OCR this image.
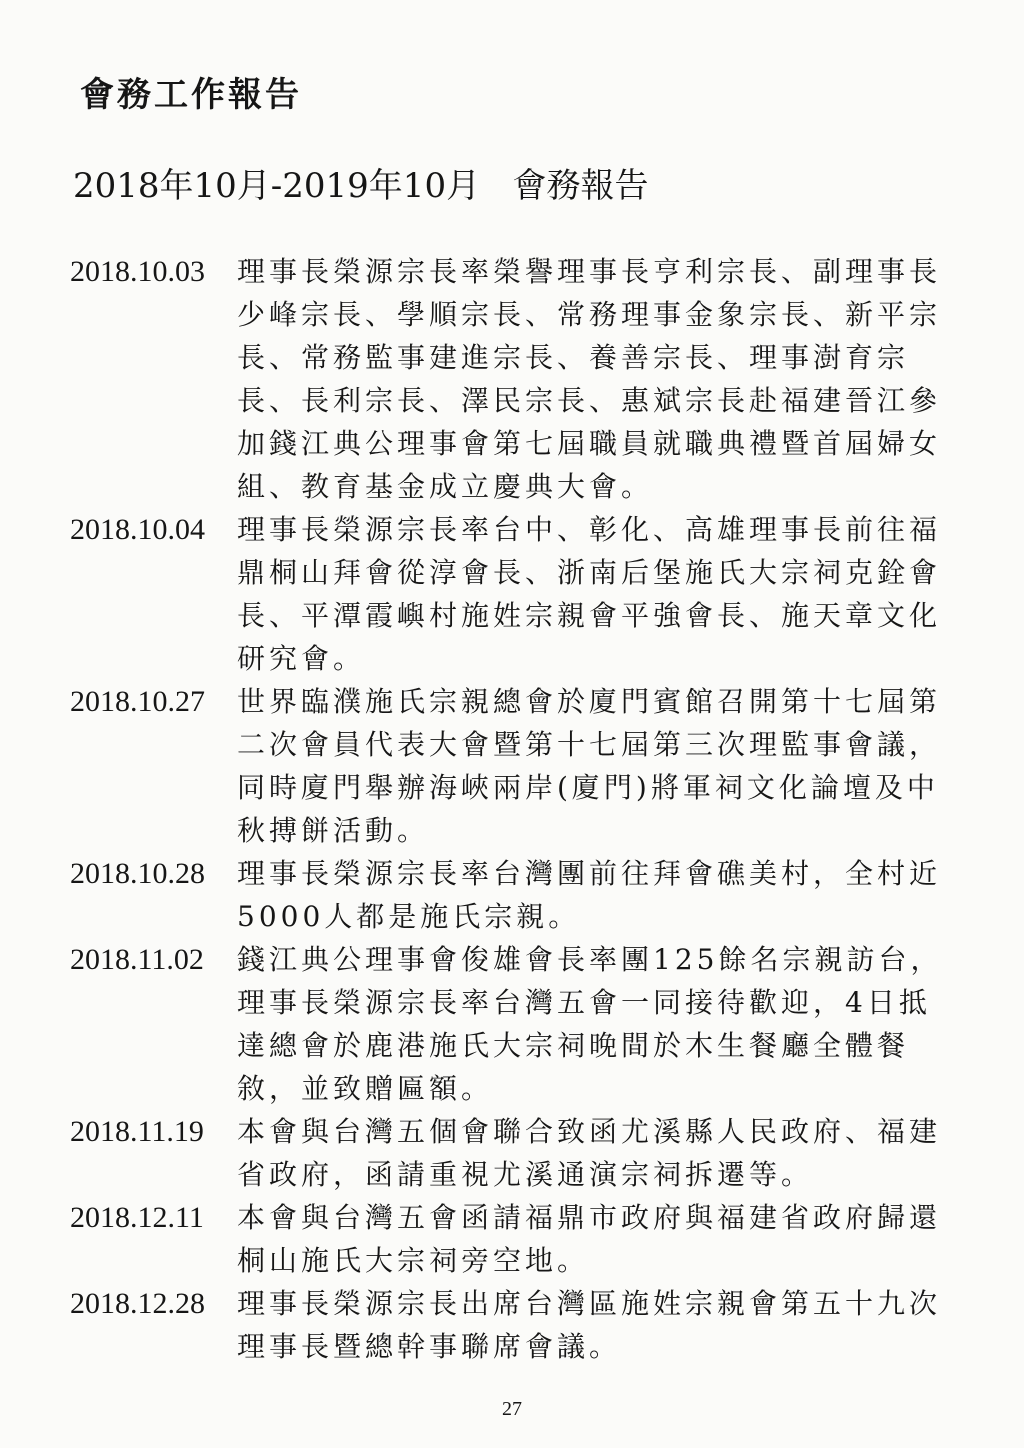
會務工作報告
2018年10月-2019年10月 會務報告
2018.10.03	理事長榮源宗長率榮譽理事長亨利宗長、副理事長少峰宗長、學順宗長、常務理事金象宗長、新平宗長、常務監事建進宗長、養善宗長、理事澍育宗長、長利宗長、澤民宗長、惠斌宗長赴福建晉江參加錢江典公理事會第七屆職員就職典禮暨首屆婦女組、教育基金成立慶典大會。
2018.10.04	理事長榮源宗長率台中、彰化、高雄理事長前往福鼎桐山拜會從淳會長、浙南后堡施氏大宗祠克銓會長、平潭霞嶼村施姓宗親會平強會長、施天章文化研究會。
2018.10.27	世界臨濮施氏宗親總會於廈門賓館召開第十七屆第二次會員代表大會暨第十七屆第三次理監事會議，同時廈門舉辦海峽兩岸(廈門)將軍祠文化論壇及中秋搏餅活動。
2018.10.28	理事長榮源宗長率台灣團前往拜會礁美村，全村近5000人都是施氏宗親。
2018.11.02	錢江典公理事會俊雄會長率團125餘名宗親訪台，理事長榮源宗長率台灣五會一同接待歡迎，4日抵達總會於鹿港施氏大宗祠晚間於木生餐廳全體餐敘，並致贈匾額。
2018.11.19	本會與台灣五個會聯合致函尤溪縣人民政府、福建省政府，函請重視尤溪通演宗祠拆遷等。
2018.12.11	本會與台灣五會函請福鼎市政府與福建省政府歸還桐山施氏大宗祠旁空地。
2018.12.28	理事長榮源宗長出席台灣區施姓宗親會第五十九次理事長暨總幹事聯席會議。
27
